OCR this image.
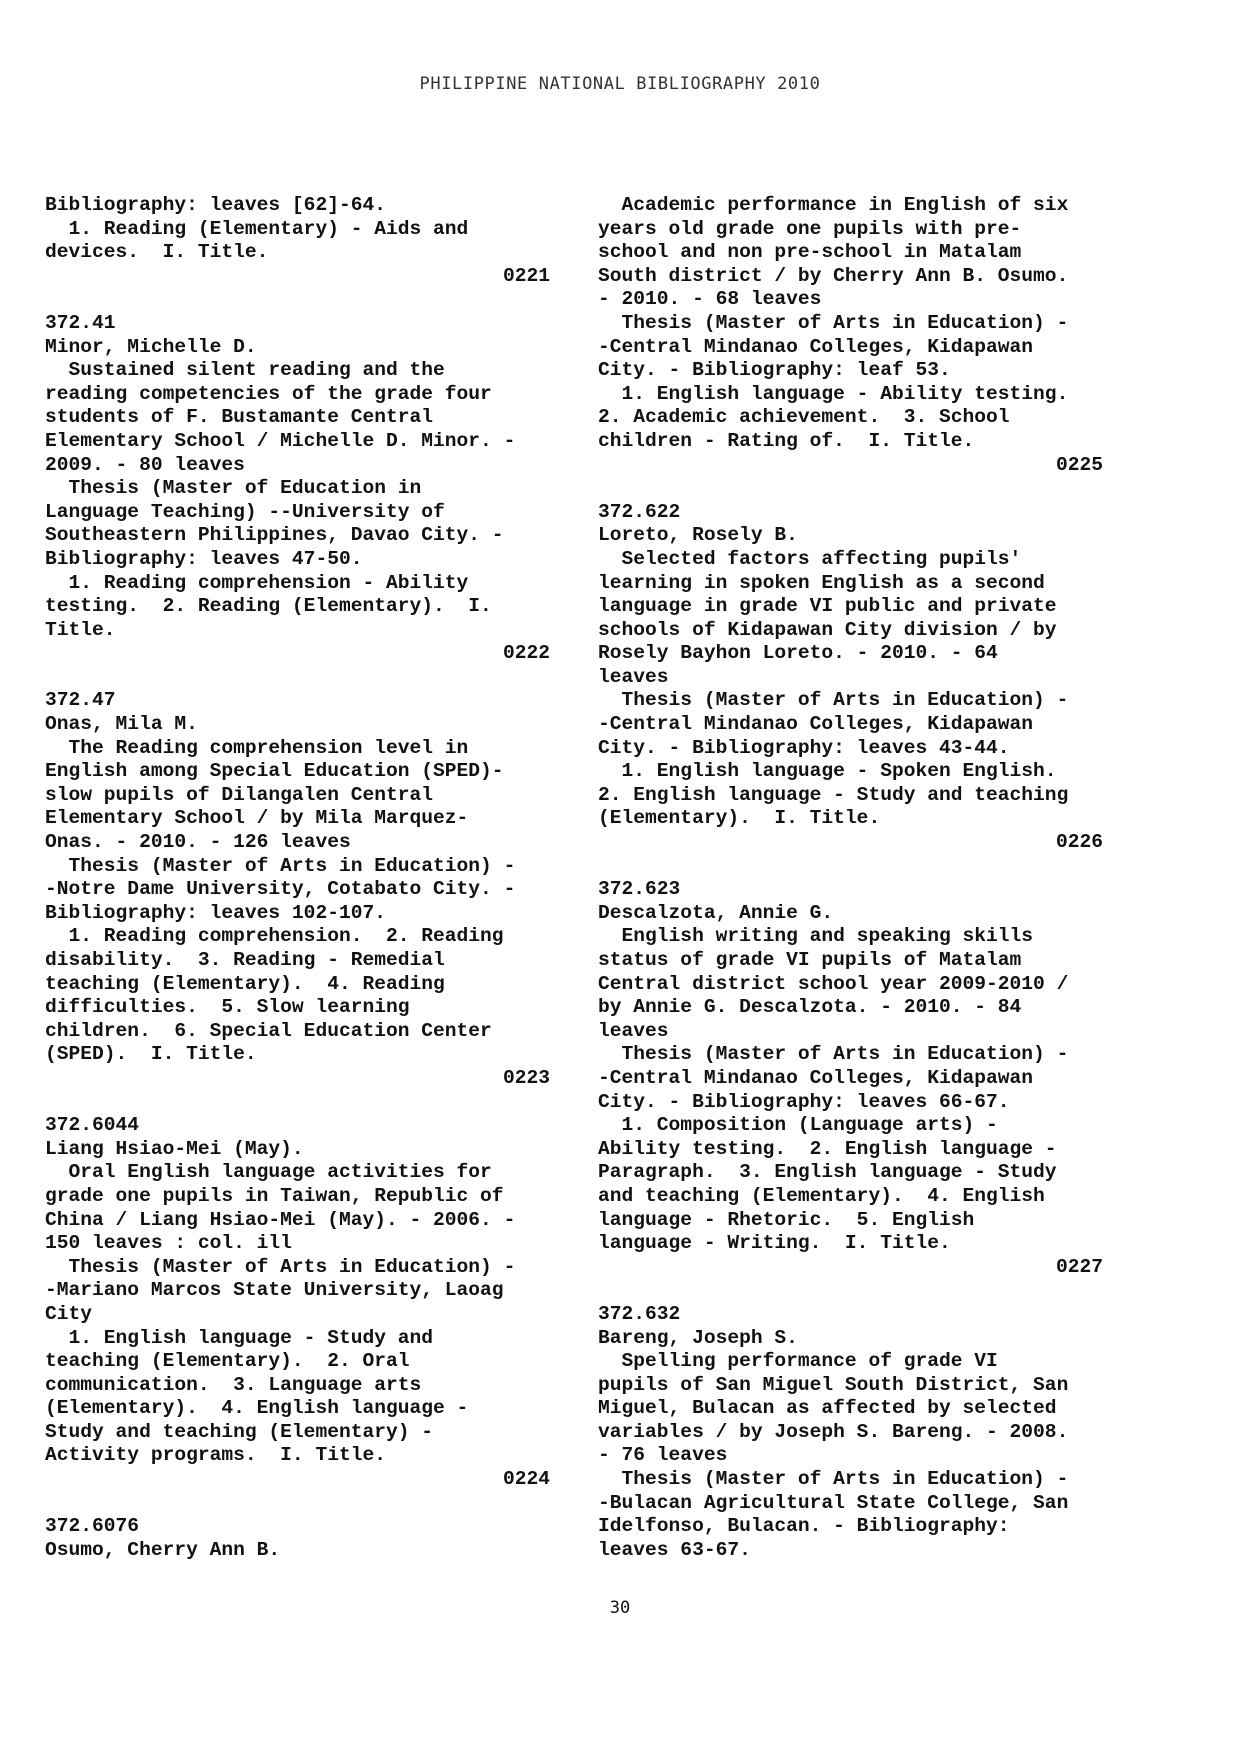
PHILIPPINE NATIONAL BIBLIOGRAPHY 2010
Bibliography: leaves [62]-64.
1. Reading (Elementary) - Aids and
devices.  I. Title.
0221
372.41
Minor, Michelle D.
Sustained silent reading and the
reading competencies of the grade four
students of F. Bustamante Central
Elementary School / Michelle D. Minor. -
2009. - 80 leaves
Thesis (Master of Education in
Language Teaching) --University of
Southeastern Philippines, Davao City. -
Bibliography: leaves 47-50.
1. Reading comprehension - Ability
testing.  2. Reading (Elementary).  I.
Title.
0222
372.47
Onas, Mila M.
The Reading comprehension level in
English among Special Education (SPED)-
slow pupils of Dilangalen Central
Elementary School / by Mila Marquez-
Onas. - 2010. - 126 leaves
Thesis (Master of Arts in Education) -
-Notre Dame University, Cotabato City. -
Bibliography: leaves 102-107.
1. Reading comprehension.  2. Reading
disability.  3. Reading - Remedial
teaching (Elementary).  4. Reading
difficulties.  5. Slow learning
children.  6. Special Education Center
(SPED).  I. Title.
0223
372.6044
Liang Hsiao-Mei (May).
Oral English language activities for
grade one pupils in Taiwan, Republic of
China / Liang Hsiao-Mei (May). - 2006. -
150 leaves : col. ill
Thesis (Master of Arts in Education) -
-Mariano Marcos State University, Laoag
City
1. English language - Study and
teaching (Elementary).  2. Oral
communication.  3. Language arts
(Elementary).  4. English language -
Study and teaching (Elementary) -
Activity programs.  I. Title.
0224
372.6076
Osumo, Cherry Ann B.
Academic performance in English of six
years old grade one pupils with pre-
school and non pre-school in Matalam
South district / by Cherry Ann B. Osumo.
- 2010. - 68 leaves
Thesis (Master of Arts in Education) -
-Central Mindanao Colleges, Kidapawan
City. - Bibliography: leaf 53.
1. English language - Ability testing.
2. Academic achievement.  3. School
children - Rating of.  I. Title.
0225
372.622
Loreto, Rosely B.
Selected factors affecting pupils'
learning in spoken English as a second
language in grade VI public and private
schools of Kidapawan City division / by
Rosely Bayhon Loreto. - 2010. - 64
leaves
Thesis (Master of Arts in Education) -
-Central Mindanao Colleges, Kidapawan
City. - Bibliography: leaves 43-44.
1. English language - Spoken English.
2. English language - Study and teaching
(Elementary).  I. Title.
0226
372.623
Descalzota, Annie G.
English writing and speaking skills
status of grade VI pupils of Matalam
Central district school year 2009-2010 /
by Annie G. Descalzota. - 2010. - 84
leaves
Thesis (Master of Arts in Education) -
-Central Mindanao Colleges, Kidapawan
City. - Bibliography: leaves 66-67.
1. Composition (Language arts) -
Ability testing.  2. English language -
Paragraph.  3. English language - Study
and teaching (Elementary).  4. English
language - Rhetoric.  5. English
language - Writing.  I. Title.
0227
372.632
Bareng, Joseph S.
Spelling performance of grade VI
pupils of San Miguel South District, San
Miguel, Bulacan as affected by selected
variables / by Joseph S. Bareng. - 2008.
- 76 leaves
Thesis (Master of Arts in Education) -
-Bulacan Agricultural State College, San
Idelfonso, Bulacan. - Bibliography:
leaves 63-67.
30
